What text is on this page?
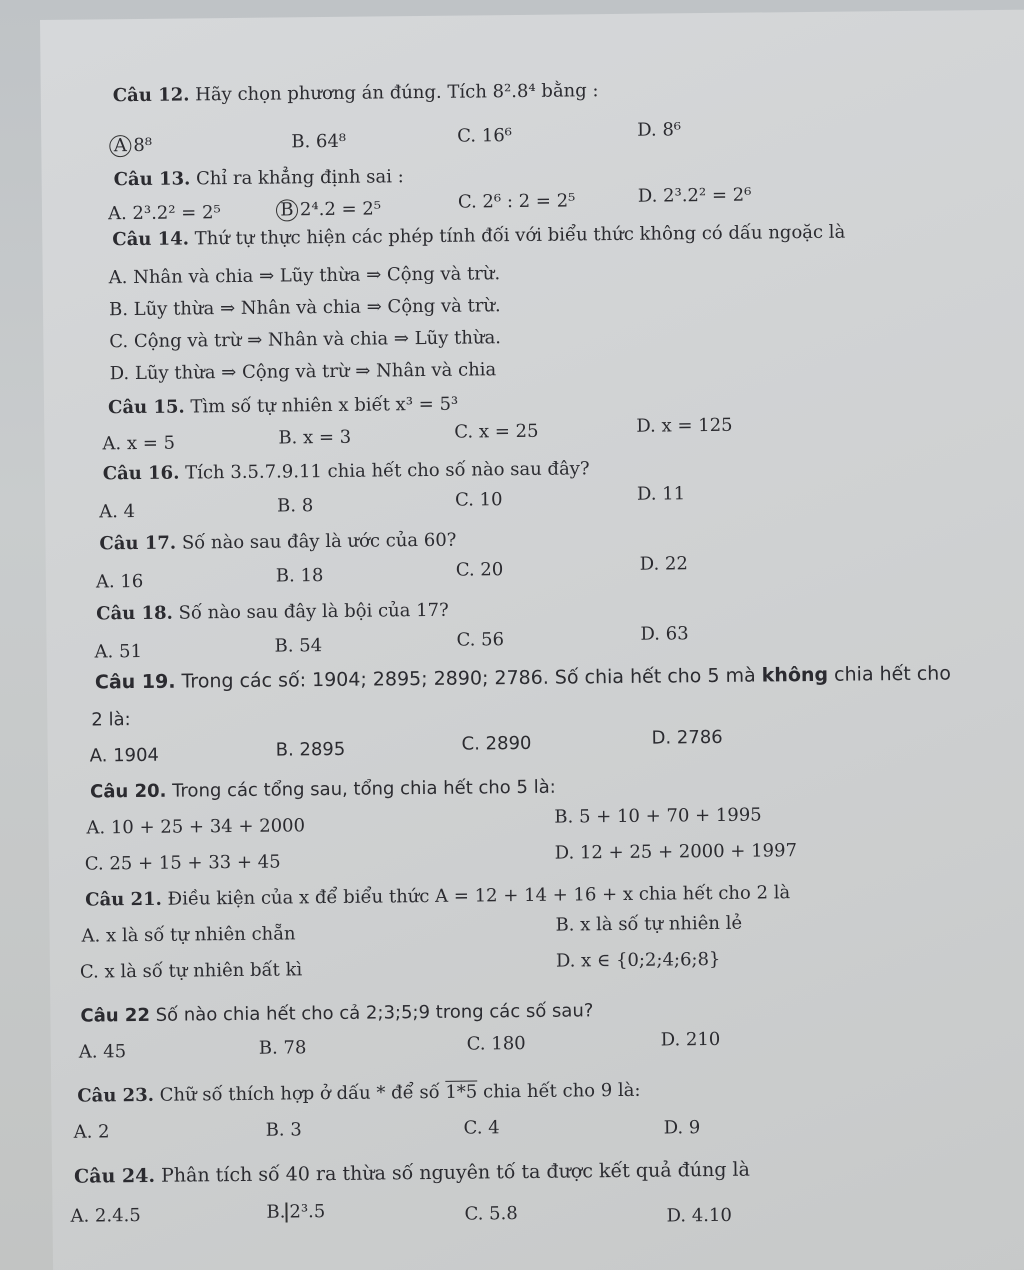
Câu 12. Hãy chọn phương án đúng. Tích 8².8⁴ bằng :
A 8⁸	B. 64⁸	C. 16⁶	D. 8⁶
Câu 13. Chỉ ra khẳng định sai :
A. 2³.2² = 2⁵	B 2⁴.2 = 2⁵	C. 2⁶ : 2 = 2⁵	D. 2³.2² = 2⁶
Câu 14. Thứ tự thực hiện các phép tính đối với biểu thức không có dấu ngoặc là
A. Nhân và chia ⇒ Lũy thừa ⇒ Cộng và trừ.
B. Lũy thừa ⇒ Nhân và chia ⇒ Cộng và trừ.
C. Cộng và trừ ⇒ Nhân và chia ⇒ Lũy thừa.
D. Lũy thừa ⇒ Cộng và trừ ⇒ Nhân và chia
Câu 15. Tìm số tự nhiên x biết x³ = 5³
A. x = 5	B. x = 3	C. x = 25	D. x = 125
Câu 16. Tích 3.5.7.9.11 chia hết cho số nào sau đây?
A. 4	B. 8	C. 10	D. 11
Câu 17. Số nào sau đây là ước của 60?
A. 16	B. 18	C. 20	D. 22
Câu 18. Số nào sau đây là bội của 17?
A. 51	B. 54	C. 56	D. 63
Câu 19. Trong các số: 1904; 2895; 2890; 2786. Số chia hết cho 5 mà không chia hết cho
2 là:
A. 1904	B. 2895	C. 2890	D. 2786
Câu 20. Trong các tổng sau, tổng chia hết cho 5 là:
A. 10 + 25 + 34 + 2000	B. 5 + 10 + 70 + 1995
C. 25 + 15 + 33 + 45	D. 12 + 25 + 2000 + 1997
Câu 21. Điều kiện của x để biểu thức A = 12 + 14 + 16 + x chia hết cho 2 là
A. x là số tự nhiên chẵn	B. x là số tự nhiên lẻ
C. x là số tự nhiên bất kì	D. x ∈ {0;2;4;6;8}
Câu 22 Số nào chia hết cho cả 2;3;5;9 trong các số sau?
A. 45	B. 78	C. 180	D. 210
Câu 23. Chữ số thích hợp ở dấu * để số 1*5 chia hết cho 9 là:
A. 2	B. 3	C. 4	D. 9
Câu 24. Phân tích số 40 ra thừa số nguyên tố ta được kết quả đúng là
A. 2.4.5	B. 2³.5	C. 5.8	D. 4.10
